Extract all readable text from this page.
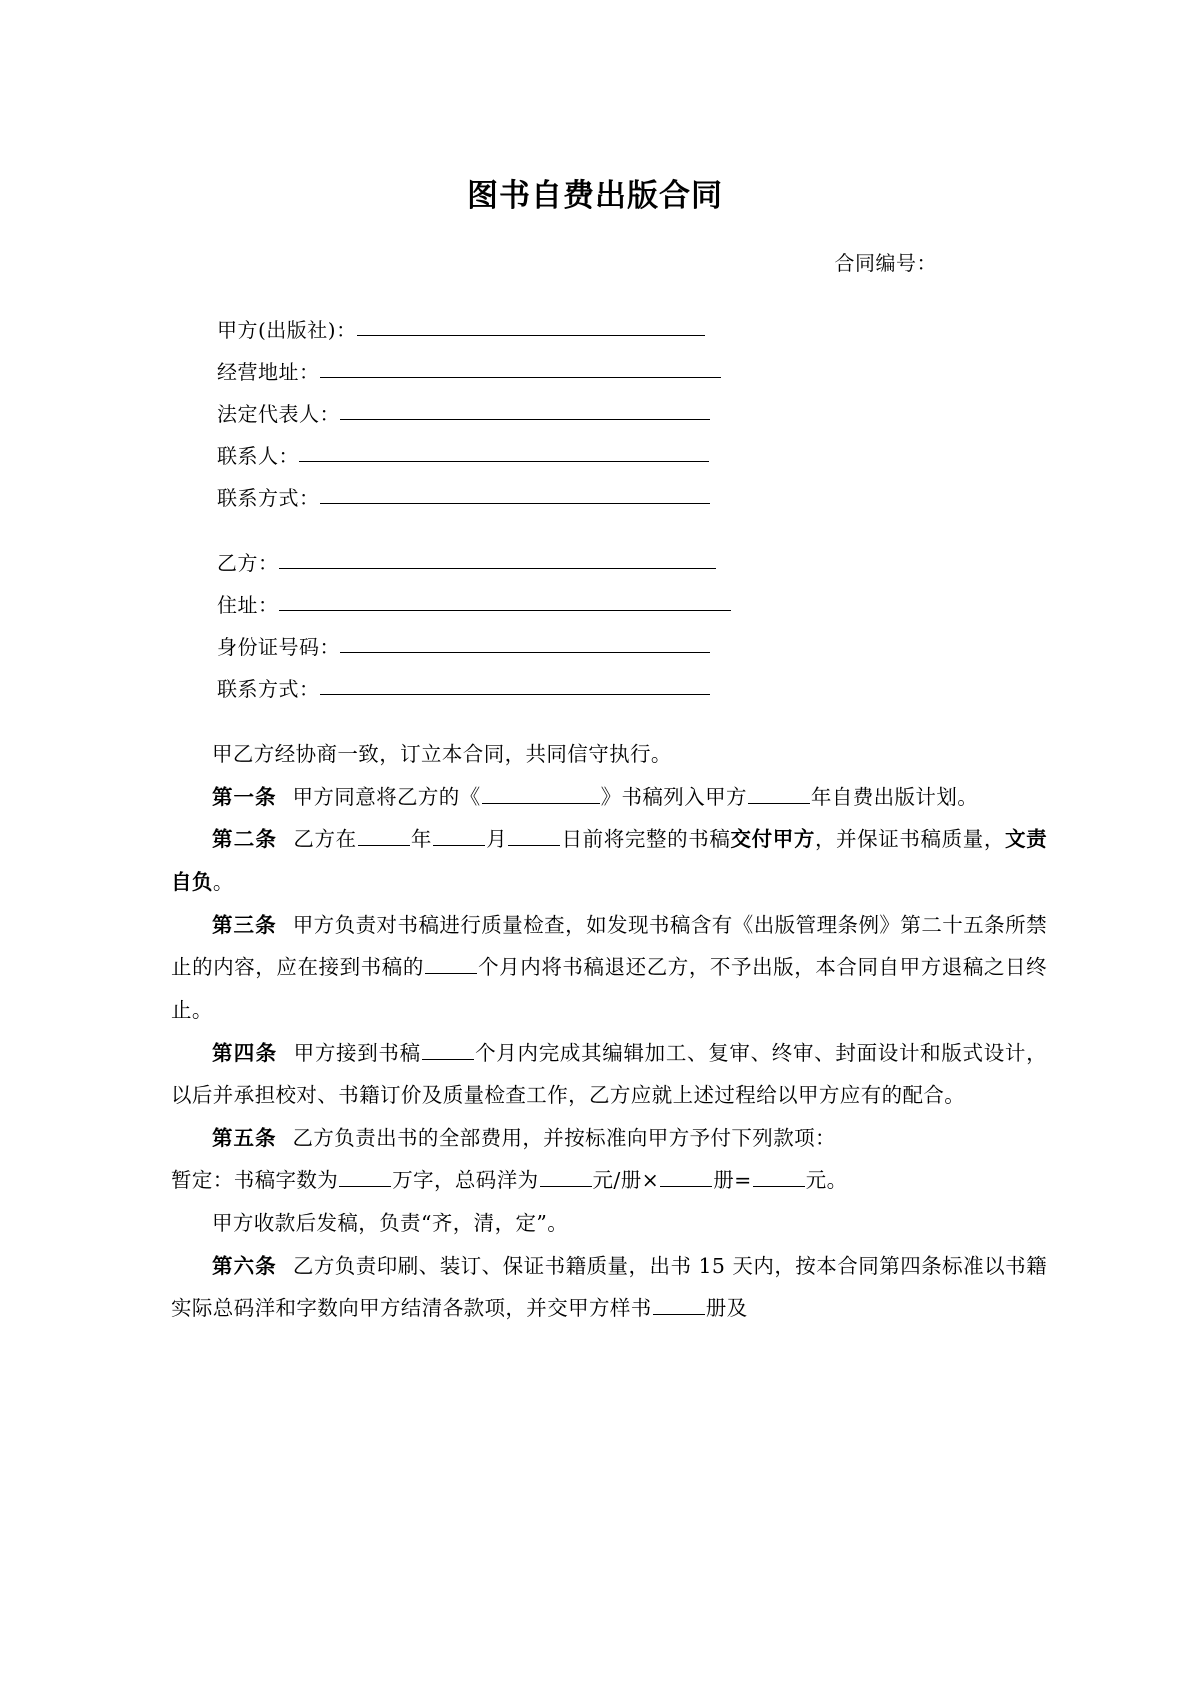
图书自费出版合同
合同编号：
甲方(出版社)：
经营地址：
法定代表人：
联系人：
联系方式：
乙方：
住址：
身份证号码：
联系方式：

甲乙方经协商一致，订立本合同，共同信守执行。

第一条 甲方同意将乙方的《	》书稿列入甲方	年自费出版计划。

第二条 乙方在	年	月	日前将完整的书稿交付甲方，并保证书稿质量，文责自负。

第三条 甲方负责对书稿进行质量检查，如发现书稿含有《出版管理条例》第二十五条所禁止的内容，应在接到书稿的	个月内将书稿退还乙方，不予出版，本合同自甲方退稿之日终止。

第四条 甲方接到书稿	个月内完成其编辑加工、复审、终审、封面设计和版式设计，以后并承担校对、书籍订价及质量检查工作，乙方应就上述过程给以甲方应有的配合。

第五条 乙方负责出书的全部费用，并按标准向甲方予付下列款项：

暂定：书稿字数为	万字，总码洋为	元/册×	册=	元。

甲方收款后发稿，负责“齐，清，定”。

第六条 乙方负责印刷、装订、保证书籍质量，出书 15 天内，按本合同第四条标准以书籍实际总码洋和字数向甲方结清各款项，并交甲方样书	册及
